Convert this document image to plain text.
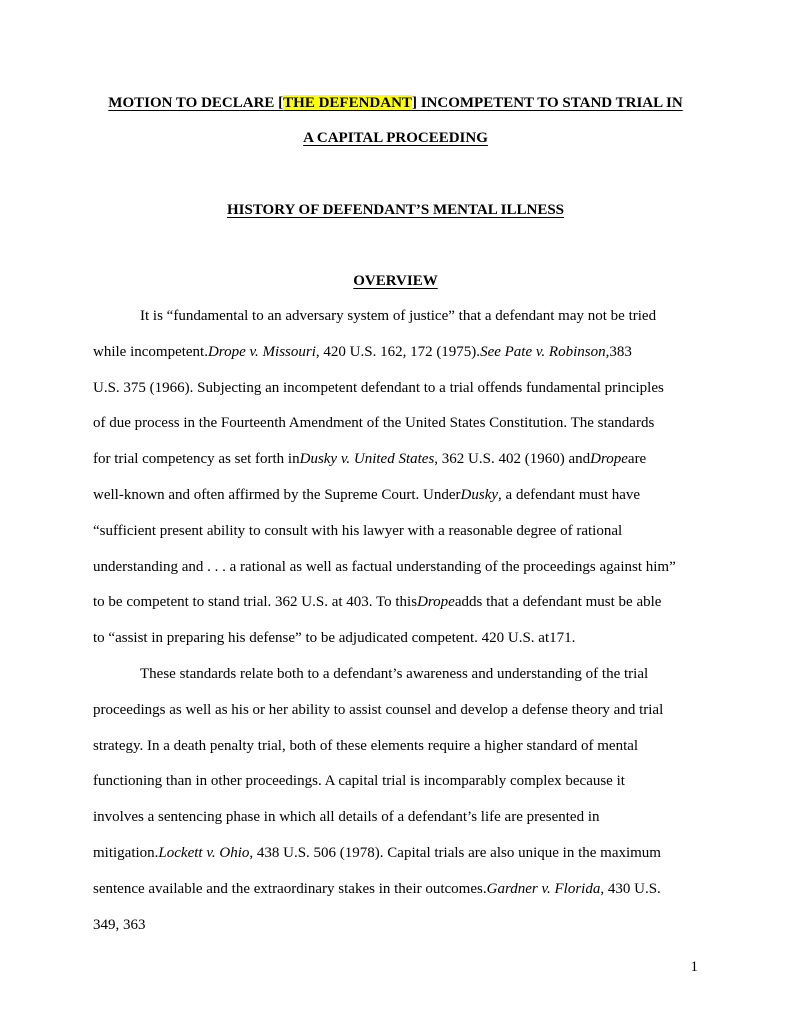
MOTION TO DECLARE [THE DEFENDANT] INCOMPETENT TO STAND TRIAL IN
A CAPITAL PROCEEDING
HISTORY OF DEFENDANT’S MENTAL ILLNESS
OVERVIEW
It is “fundamental to an adversary system of justice” that a defendant may not be tried
while incompetent.Drope v. Missouri, 420 U.S. 162, 172 (1975).See Pate v. Robinson,383
U.S. 375 (1966). Subjecting an incompetent defendant to a trial offends fundamental principles
of due process in the Fourteenth Amendment of the United States Constitution. The standards
for trial competency as set forth inDusky v. United States, 362 U.S. 402 (1960) andDropeare
well-known and often affirmed by the Supreme Court. UnderDusky, a defendant must have
“sufficient present ability to consult with his lawyer with a reasonable degree of rational
understanding and . . . a rational as well as factual understanding of the proceedings against him”
to be competent to stand trial. 362 U.S. at 403. To thisDropeadds that a defendant must be able
to “assist in preparing his defense” to be adjudicated competent. 420 U.S. at171.
These standards relate both to a defendant’s awareness and understanding of the trial
proceedings as well as his or her ability to assist counsel and develop a defense theory and trial
strategy. In a death penalty trial, both of these elements require a higher standard of mental
functioning than in other proceedings. A capital trial is incomparably complex because it
involves a sentencing phase in which all details of a defendant’s life are presented in
mitigation.Lockett v. Ohio, 438 U.S. 506 (1978). Capital trials are also unique in the maximum
sentence available and the extraordinary stakes in their outcomes.Gardner v. Florida, 430 U.S.
349, 363
1
